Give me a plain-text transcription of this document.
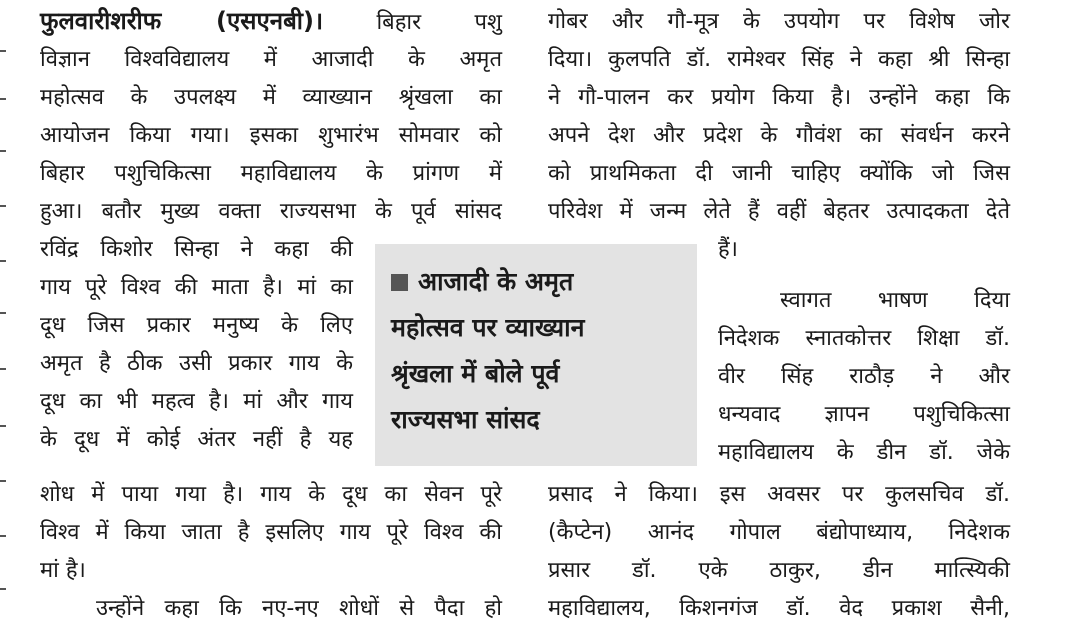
फुलवारीशरीफ (एसएनबी)। बिहार पशु
विज्ञान विश्वविद्यालय में आजादी के अमृत
महोत्सव के उपलक्ष्य में व्याख्यान श्रृंखला का
आयोजन किया गया। इसका शुभारंभ सोमवार को
बिहार पशुचिकित्सा महाविद्यालय के प्रांगण में
हुआ। बतौर मुख्य वक्ता राज्यसभा के पूर्व सांसद
रविंद्र किशोर सिन्हा ने कहा की
गाय पूरे विश्व की माता है। मां का
दूध जिस प्रकार मनुष्य के लिए
अमृत है ठीक उसी प्रकार गाय के
दूध का भी महत्व है। मां और गाय
के दूध में कोई अंतर नहीं है यह
शोध में पाया गया है। गाय के दूध का सेवन पूरे
विश्व में किया जाता है इसलिए गाय पूरे विश्व की
मां है।
उन्होंने कहा कि नए-नए शोधों से पैदा हो
गोबर और गौ-मूत्र के उपयोग पर विशेष जोर
दिया। कुलपति डॉ. रामेश्वर सिंह ने कहा श्री सिन्हा
ने गौ-पालन कर प्रयोग किया है। उन्होंने कहा कि
अपने देश और प्रदेश के गौवंश का संवर्धन करने
को प्राथमिकता दी जानी चाहिए क्योंकि जो जिस
परिवेश में जन्म लेते हैं वहीं बेहतर उत्पादकता देते
हैं।
स्वागत भाषण दिया
निदेशक स्नातकोत्तर शिक्षा डॉ.
वीर सिंह राठौड़ ने और
धन्यवाद ज्ञापन पशुचिकित्सा
महाविद्यालय के डीन डॉ. जेके
प्रसाद ने किया। इस अवसर पर कुलसचिव डॉ.
(कैप्टेन) आनंद गोपाल बंद्योपाध्याय, निदेशक
प्रसार डॉ. एके ठाकुर, डीन मात्स्यिकी
महाविद्यालय, किशनगंज डॉ. वेद प्रकाश सैनी,
आजादी के अमृत
महोत्सव पर व्याख्यान
श्रृंखला में बोले पूर्व
राज्यसभा सांसद
